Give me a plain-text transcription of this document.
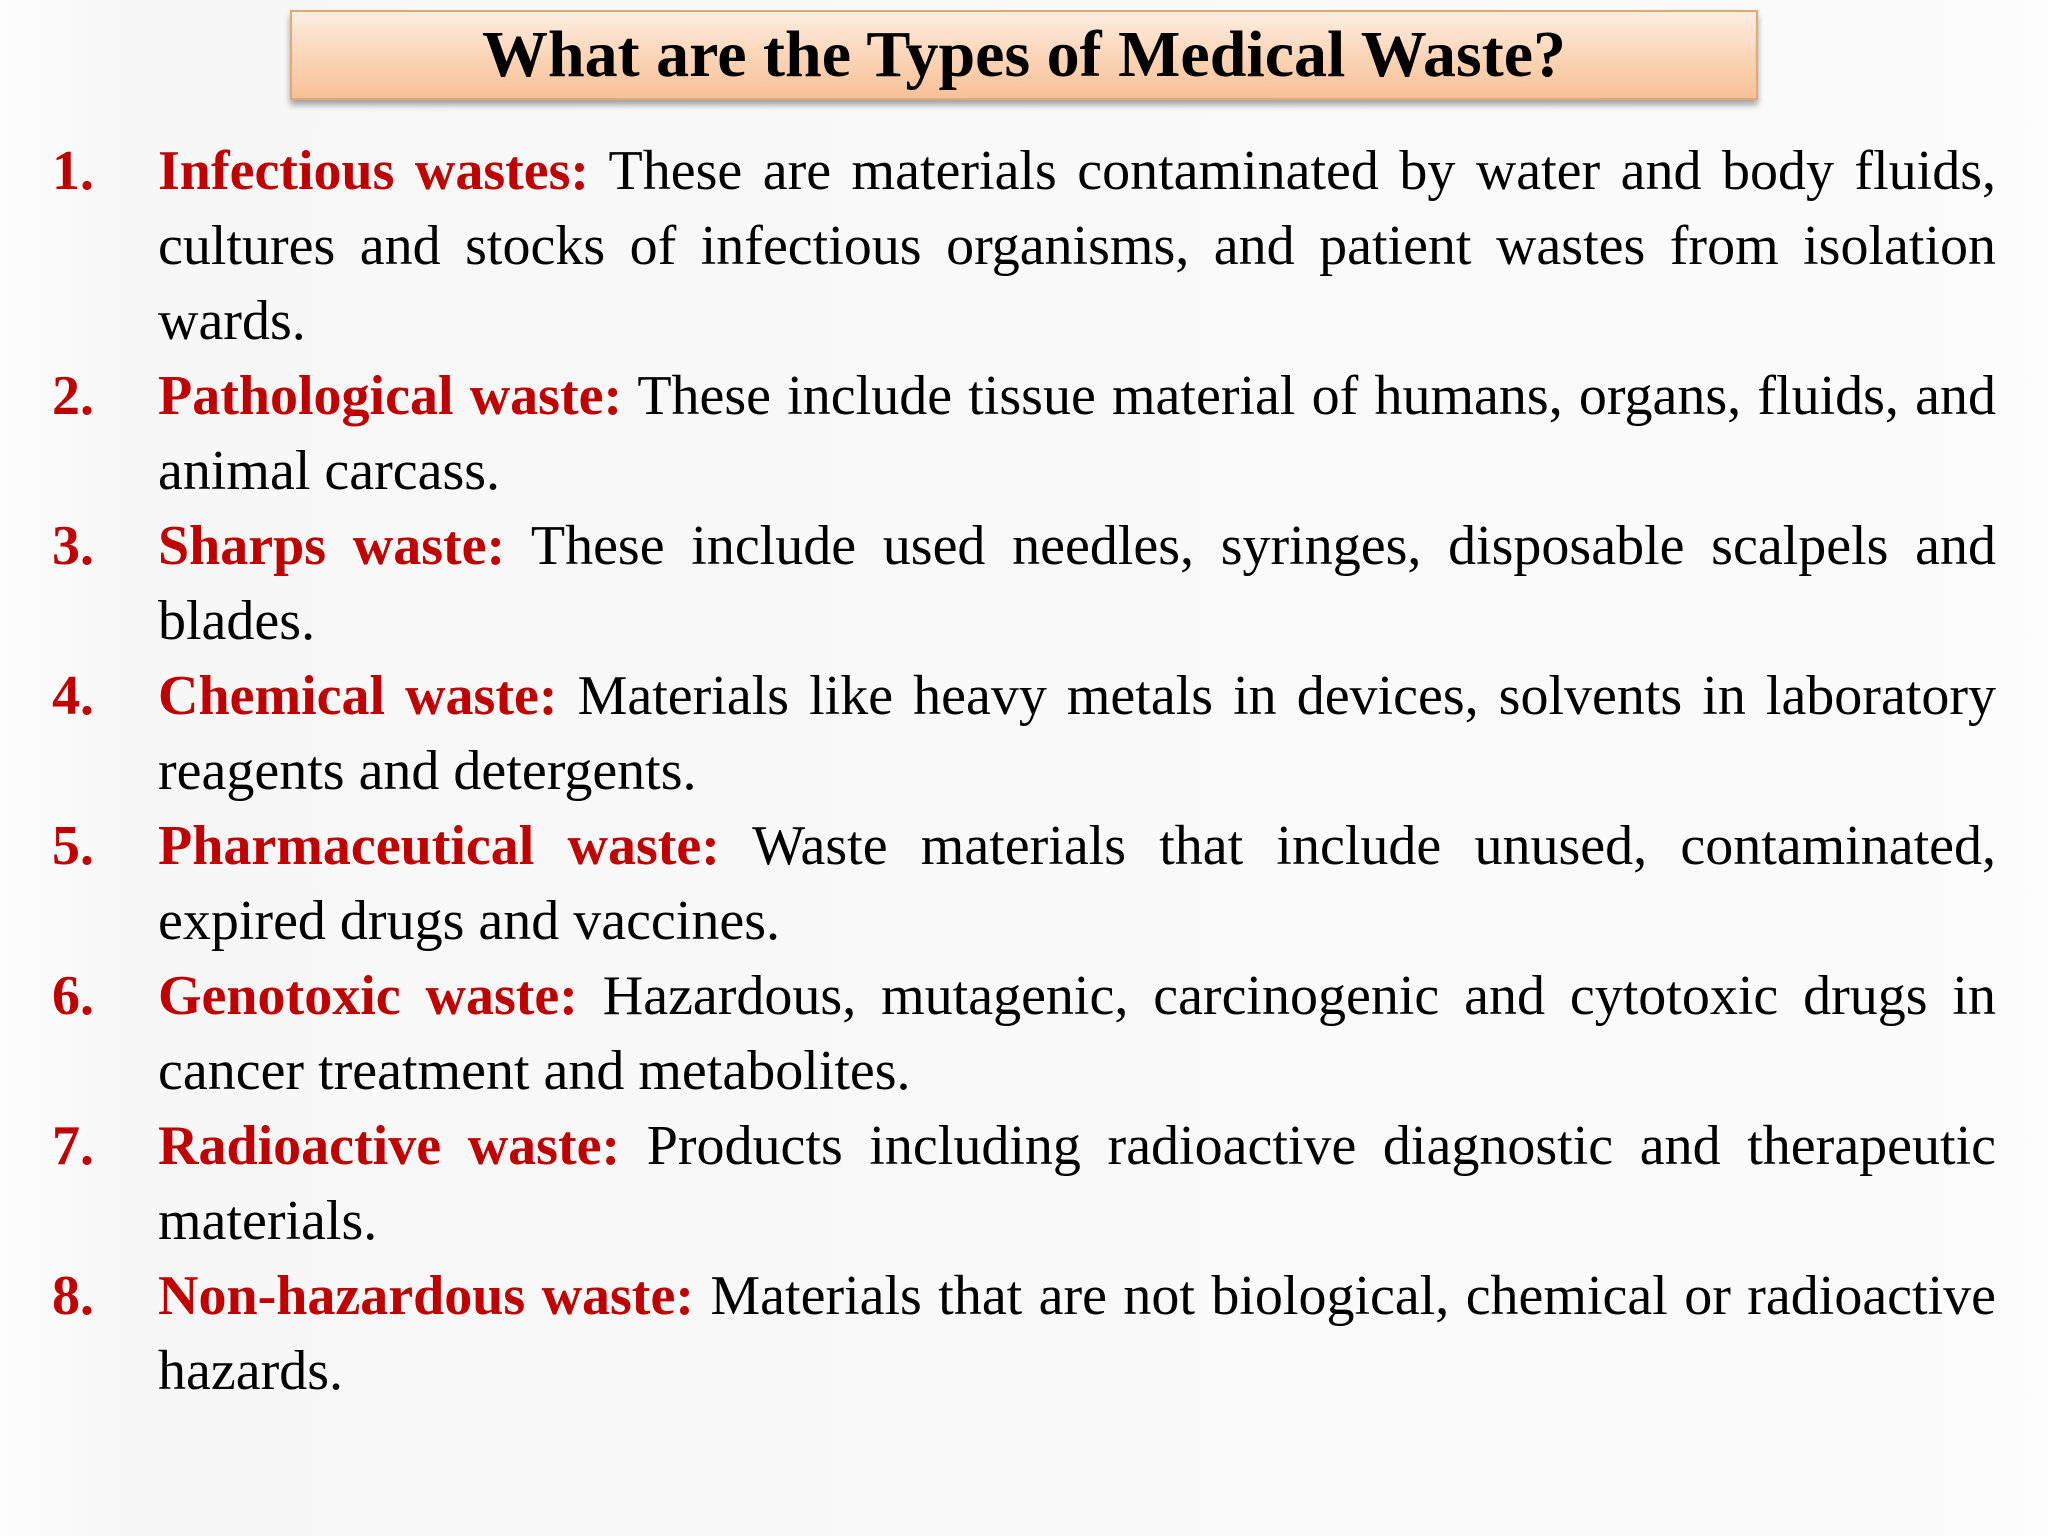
What are the Types of Medical Waste?
1. Infectious wastes: These are materials contaminated by water and body fluids, cultures and stocks of infectious organisms, and patient wastes from isolation wards.
2. Pathological waste: These include tissue material of humans, organs, fluids, and animal carcass.
3. Sharps waste: These include used needles, syringes, disposable scalpels and blades.
4. Chemical waste: Materials like heavy metals in devices, solvents in laboratory reagents and detergents.
5. Pharmaceutical waste: Waste materials that include unused, contaminated, expired drugs and vaccines.
6. Genotoxic waste: Hazardous, mutagenic, carcinogenic and cytotoxic drugs in cancer treatment and metabolites.
7. Radioactive waste: Products including radioactive diagnostic and therapeutic materials.
8. Non-hazardous waste: Materials that are not biological, chemical or radioactive hazards.
